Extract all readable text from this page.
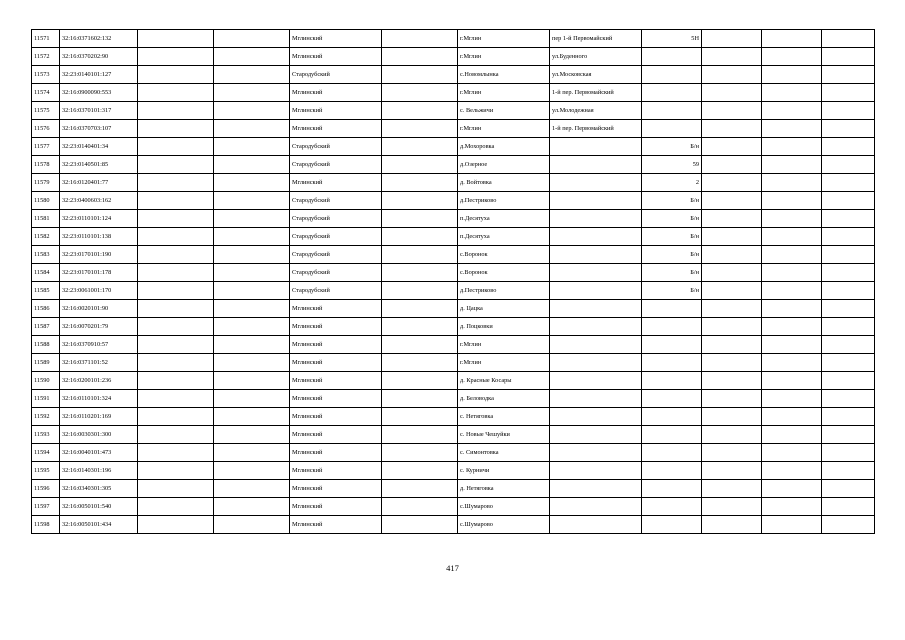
11571	32:16:0371602:132			Мглинский		г.Мглин	пер 1-й Первомайский	5Н			
11572	32:16:0370202:90			Мглинский		г.Мглин	ул.Буденного				
11573	32:23:0140101:127			Стародубский		с.Новомлынка	ул.Московская				
11574	32:16:0900090:553			Мглинский		г.Мглин	1-й пер. Первомайский				
11575	32:16:0370101:317			Мглинский		с. Вельжичи	ул.Молодежная				
11576	32:16:0370703:107			Мглинский		г.Мглин	1-й пер. Первомайский				
11577	32:23:0140401:34			Стародубский		д.Мохоровка		Б/н			
11578	32:23:0140501:85			Стародубский		д.Озерное		59			
11579	32:16:0120401:77			Мглинский		д. Войтовка		2			
11580	32:23:0400603:162			Стародубский		д.Пестриково		Б/н			
11581	32:23:0110101:124			Стародубский		п.Десятуха		Б/н			
11582	32:23:0110101:138			Стародубский		п.Десятуха		Б/н			
11583	32:23:0170101:190			Стародубский		с.Воронок		Б/н			
11584	32:23:0170101:178			Стародубский		с.Воронок		Б/н			
11585	32:23:0061001:170			Стародубский		д.Пестриково		Б/н			
11586	32:16:0020101:90			Мглинский		д. Цацка					
11587	32:16:0070201:79			Мглинский		д. Поцковки					
11588	32:16:0370910:57			Мглинский		г.Мглин					
11589	32:16:0371101:52			Мглинский		г.Мглин					
11590	32:16:0200101:236			Мглинский		д. Красные Косары					
11591	32:16:0110101:324			Мглинский		д. Беловодка					
11592	32:16:0110201:169			Мглинский		с. Нетяговка					
11593	32:16:0030301:300			Мглинский		с. Новые Чешуйки					
11594	32:16:0040101:473			Мглинский		с. Симонтовка					
11595	32:16:0140301:196			Мглинский		с. Курничи					
11596	32:16:0340301:305			Мглинский		д. Нетяговка					
11597	32:16:0050101:540			Мглинский		с.Шумарово					
11598	32:16:0050101:434			Мглинский		с.Шумарово					
417
